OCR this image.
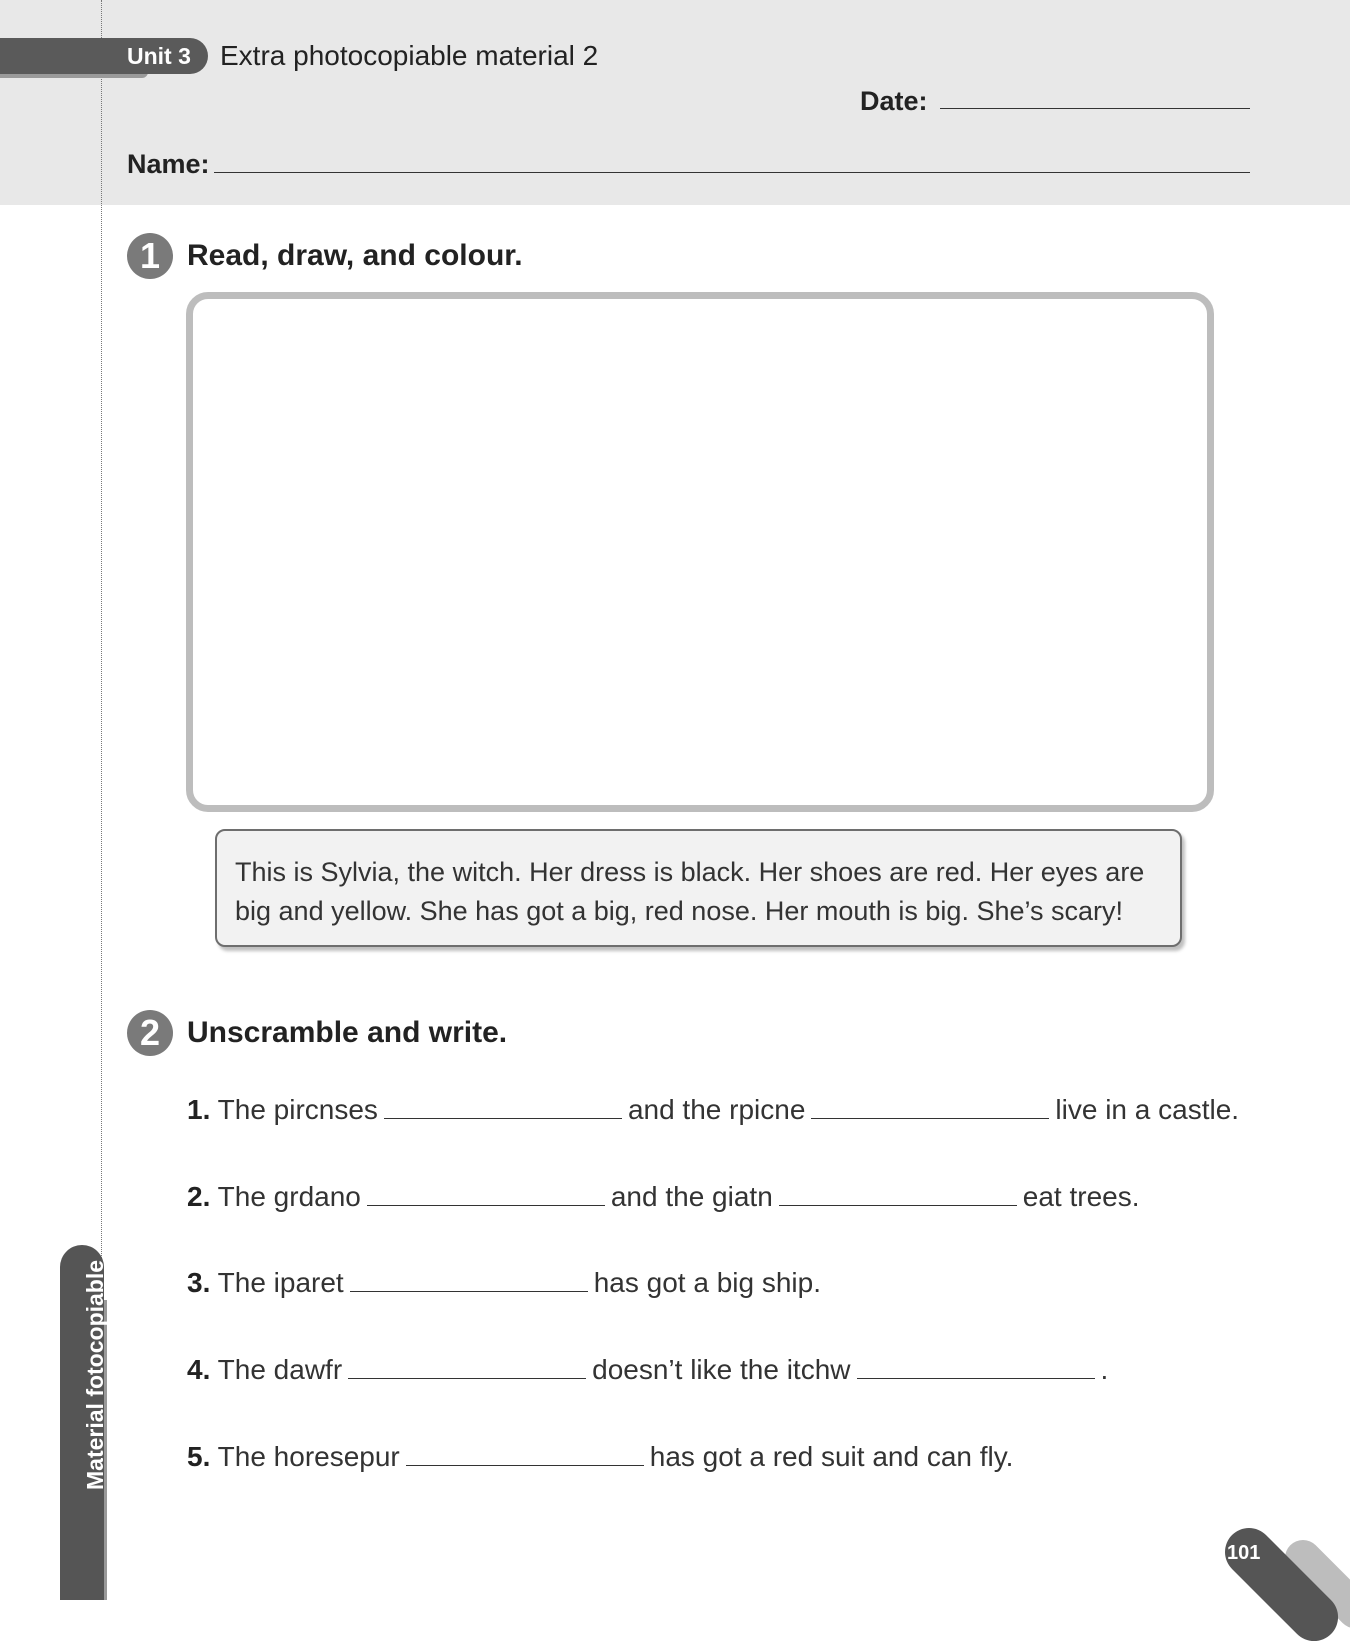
Unit 3 Extra photocopiable material 2
Date:
Name:
1 Read, draw, and colour.
This is Sylvia, the witch. Her dress is black. Her shoes are red. Her eyes are big and yellow. She has got a big, red nose. Her mouth is big. She’s scary!
2 Unscramble and write.
1. The pircnses	and the rpicne	live in a castle.
2. The grdano	and the giatn	eat trees.
3. The iparet	has got a big ship.
4. The dawfr	doesn’t like the itchw	.
5. The horesepur	has got a red suit and can fly.
Material fotocopiable
101
